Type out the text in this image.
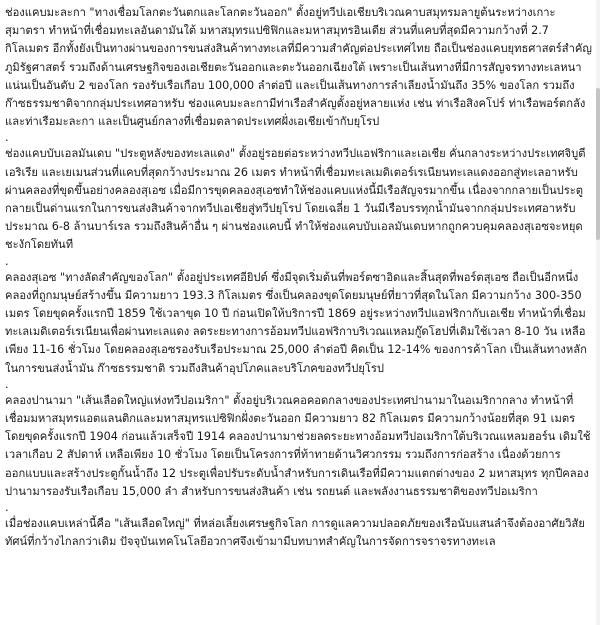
ช่องแคบมะละกา "ทางเชื่อมโลกตะวันตกและโลกตะวันออก" ตั้งอยู่ทวีปเอเชียบริเวณคาบสมุทรมลายูต้นระหว่างเกาะสุมาตรา ทำหน้าที่เชื่อมทะเลอันดามันใต้ มหาสมุทรแปซิฟิกและมหาสมุทรอินเดีย ส่วนที่แคบที่สุดมีความกว้างที่ 2.7 กิโลเมตร อีกทั้งยังเป็นทางผ่านของการขนส่งสินค้าทางทะเลที่มีความสำคัญต่อประเทศไทย ถือเป็นช่องแคบยุทธศาสตร์สำคัญภูมิรัฐศาสตร์ รวมถึงด้านเศรษฐกิจของเอเชียตะวันออกและตะวันออกเฉียงใต้ เพราะเป็นเส้นทางที่มีการสัญจรทางทะเลหนาแน่นเป็นอันดับ 2 ของโลก รองรับเรือเกือบ 100,000 ลำต่อปี และเป็นเส้นทางการลำเลียงน้ำมันถึง 35% ของโลก รวมถึงก๊าซธรรมชาติจากกลุ่มประเทศอาหรับ ช่องแคบมะละกามีท่าเรือสำคัญตั้งอยู่หลายแห่ง เช่น ท่าเรือสิงคโปร์ ท่าเรือพอร์ตกลัง และท่าเรือมะละกา และเป็นศูนย์กลางที่เชื่อมตลาดประเทศฝั่งเอเชียเข้ากับยุโรป

.

ช่องแคบบับเอลมันเดบ "ประตูหลังของทะเลแดง" ตั้งอยู่รอยต่อระหว่างทวีปแอฟริกาและเอเชีย คั่นกลางระหว่างประเทศจิบูตี เอริเรีย และเยเมนส่วนที่แคบที่สุดกว้างประมาณ 26 เมตร ทำหน้าที่เชื่อมทะเลเมดิเตอร์เรเนียนทะเลแดงออกสู่ทะเลอาหรับผ่านคลองที่ขุดขึ้นอย่างคลองสุเอซ เมื่อมีการขุดคลองสุเอซทำให้ช่องแคบแห่งนี้มีเรือสัญจรมากขึ้น เนื่องจากกลายเป็นประตูกลายเป็นด่านแรกในการขนส่งสินค้าจากทวีปเอเชียสู่ทวีปยุโรป โดยเฉลี่ย 1 วันมีเรือบรรทุกน้ำมันจากกลุ่มประเทศอาหรับประมาณ 6-8 ล้านบาร์เรล รวมถึงสินค้าอื่น ๆ ผ่านช่องแคบนี้ ทำให้ช่องแคบบับเอลมันเดบหากถูกควบคุมคลองสุเอซจะหยุดชะงักโดยทันที

.

คลองสุเอซ "ทางลัดสำคัญของโลก" ตั้งอยู่ประเทศอียิปต์ ซึ่งมีจุดเริ่มต้นที่พอร์ตซาอิดและสิ้นสุดที่พอร์ตสุเอซ ถือเป็นอีกหนึ่งคลองที่ถูกมนุษย์สร้างขึ้น มีความยาว 193.3 กิโลเมตร ซึ่งเป็นคลองขุดโดยมนุษย์ที่ยาวที่สุดในโลก มีความกว้าง 300-350 เมตร โดยขุดครั้งแรกปี 1859 ใช้เวลาขุด 10 ปี ก่อนเปิดให้บริการปี 1869 อยู่ระหว่างทวีปแอฟริกากับเอเชีย ทำหน้าที่เชื่อมทะเลเมดิเตอร์เรเนียนเพื่อผ่านทะเลแดง ลดระยะทางการอ้อมทวีปแอฟริกาบริเวณแหลมกู๊ดโฮปที่เดิมใช้เวลา 8-10 วัน เหลือเพียง 11-16 ชั่วโมง โดยคลองสุเอซรองรับเรือประมาณ 25,000 ลำต่อปี คิดเป็น 12-14% ของการค้าโลก เป็นเส้นทางหลักในการขนส่งน้ำมัน ก๊าซธรรมชาติ รวมถึงสินค้าอุปโภคและบริโภคของทวีปยุโรป

.

คลองปานามา "เส้นเลือดใหญ่แห่งทวีปอเมริกา" ตั้งอยู่บริเวณคอคอดกลางของประเทศปานามาในอเมริกากลาง ทำหน้าที่เชื่อมมหาสมุทรแอตแลนติกและมหาสมุทรแปซิฟิกฝั่งตะวันออก มีความยาว 82 กิโลเมตร มีความกว้างน้อยที่สุด 91 เมตร โดยขุดครั้งแรกปี 1904 ก่อนแล้วเสร็จปี 1914 คลองปานามาช่วยลดระยะทางอ้อมทวีปอเมริกาใต้บริเวณแหลมฮอร์น เดิมใช้เวลาเกือบ 2 สัปดาห์ เหลือเพียง 10 ชั่วโมง โดยเป็นโครงการที่ท้าทายด้านวิศวกรรม รวมถึงการก่อสร้าง เนื่องด้วยการออกแบบและสร้างประตูกั้นน้ำถึง 12 ประตูเพื่อปรับระดับน้ำสำหรับการเดินเรือที่มีความแตกต่างของ 2 มหาสมุทร ทุกปีคลองปานามารองรับเรือเกือบ 15,000 ลำ สำหรับการขนส่งสินค้า เช่น รถยนต์ และพลังงานธรรมชาติของทวีปอเมริกา

.

เมื่อช่องแคบเหล่านี้คือ "เส้นเลือดใหญ่" ที่หล่อเลี้ยงเศรษฐกิจโลก การดูแลความปลอดภัยของเรือนับแสนลำจึงต้องอาศัยวิสัยทัศน์ที่กว้างไกลกว่าเดิม ปัจจุบันเทคโนโลยีอวกาศจึงเข้ามามีบทบาทสำคัญในการจัดการจราจรทางทะเล
